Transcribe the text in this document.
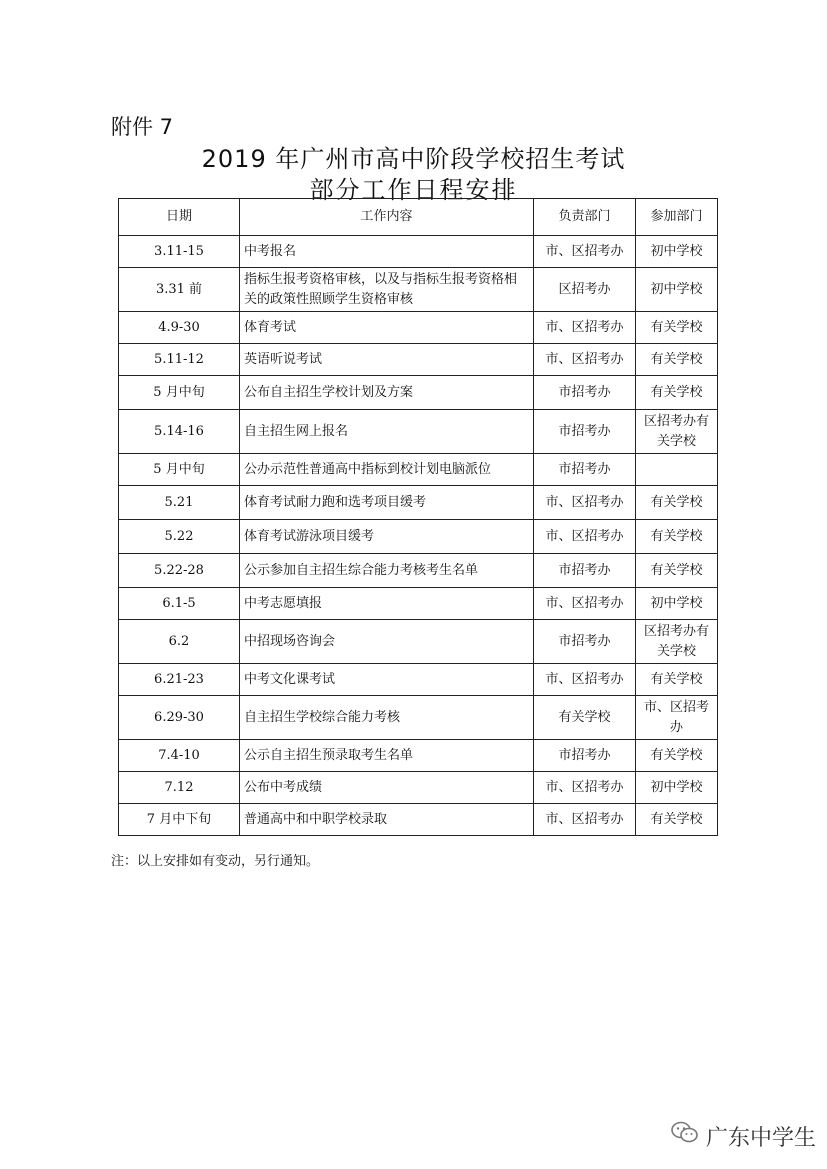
附件 7
2019 年广州市高中阶段学校招生考试
部分工作日程安排
日期	工作内容	负责部门	参加部门
3.11-15	中考报名	市、区招考办	初中学校
3.31 前	指标生报考资格审核，以及与指标生报考资格相关的政策性照顾学生资格审核	区招考办	初中学校
4.9-30	体育考试	市、区招考办	有关学校
5.11-12	英语听说考试	市、区招考办	有关学校
5 月中旬	公布自主招生学校计划及方案	市招考办	有关学校
5.14-16	自主招生网上报名	市招考办	区招考办有关学校
5 月中旬	公办示范性普通高中指标到校计划电脑派位	市招考办	
5.21	体育考试耐力跑和选考项目缓考	市、区招考办	有关学校
5.22	体育考试游泳项目缓考	市、区招考办	有关学校
5.22-28	公示参加自主招生综合能力考核考生名单	市招考办	有关学校
6.1-5	中考志愿填报	市、区招考办	初中学校
6.2	中招现场咨询会	市招考办	区招考办有关学校
6.21-23	中考文化课考试	市、区招考办	有关学校
6.29-30	自主招生学校综合能力考核	有关学校	市、区招考办
7.4-10	公示自主招生预录取考生名单	市招考办	有关学校
7.12	公布中考成绩	市、区招考办	初中学校
7 月中下旬	普通高中和中职学校录取	市、区招考办	有关学校
注：以上安排如有变动，另行通知。
广东中学生
